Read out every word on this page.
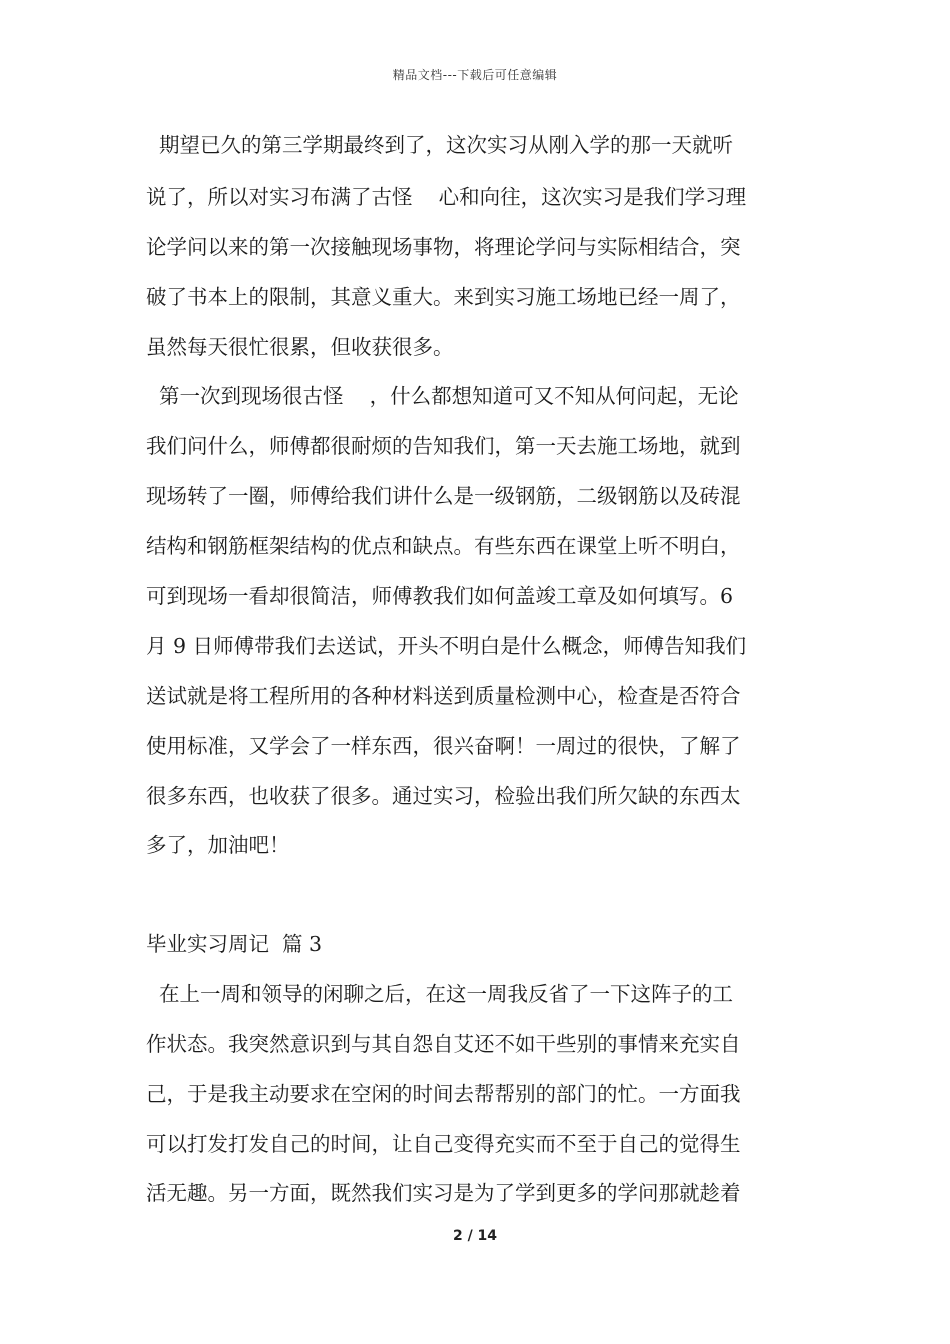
精品文档---下载后可任意编辑
期望已久的第三学期最终到了，这次实习从刚入学的那一天就听
说了，所以对实习布满了古怪    心和向往，这次实习是我们学习理
论学问以来的第一次接触现场事物，将理论学问与实际相结合，突
破了书本上的限制，其意义重大。来到实习施工场地已经一周了，
虽然每天很忙很累，但收获很多。
第一次到现场很古怪    ，什么都想知道可又不知从何问起，无论
我们问什么，师傅都很耐烦的告知我们，第一天去施工场地，就到
现场转了一圈，师傅给我们讲什么是一级钢筋，二级钢筋以及砖混
结构和钢筋框架结构的优点和缺点。有些东西在课堂上听不明白，
可到现场一看却很简洁，师傅教我们如何盖竣工章及如何填写。6
月 9 日师傅带我们去送试，开头不明白是什么概念，师傅告知我们
送试就是将工程所用的各种材料送到质量检测中心，检查是否符合
使用标准，又学会了一样东西，很兴奋啊！一周过的很快，了解了
很多东西，也收获了很多。通过实习，检验出我们所欠缺的东西太
多了，加油吧！
毕业实习周记  篇 3
在上一周和领导的闲聊之后，在这一周我反省了一下这阵子的工
作状态。我突然意识到与其自怨自艾还不如干些别的事情来充实自
己，于是我主动要求在空闲的时间去帮帮别的部门的忙。一方面我
可以打发打发自己的时间，让自己变得充实而不至于自己的觉得生
活无趣。另一方面，既然我们实习是为了学到更多的学问那就趁着
2 / 14
